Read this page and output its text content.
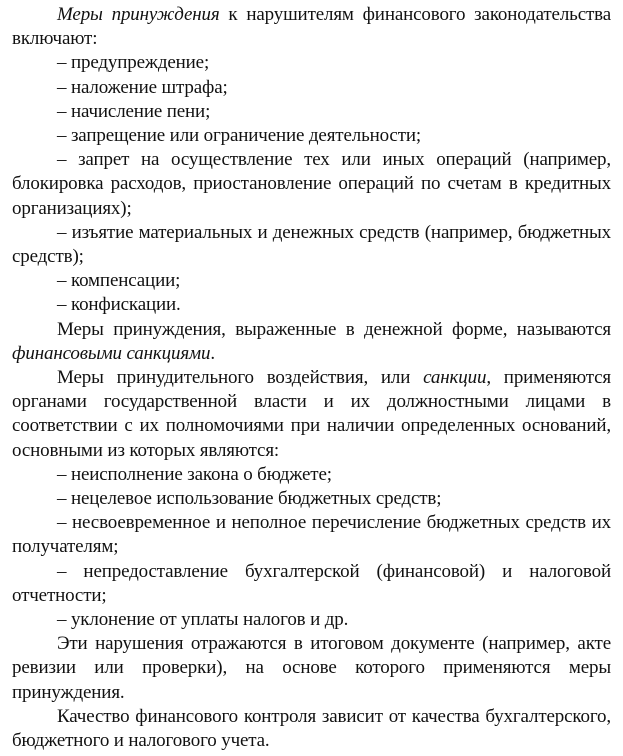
Меры принуждения к нарушителям финансового законодательства включают:

– предупреждение;

– наложение штрафа;

– начисление пени;

– запрещение или ограничение деятельности;

– запрет на осуществление тех или иных операций (например, блокировка расходов, приостановление операций по счетам в кредитных организациях);

– изъятие материальных и денежных средств (например, бюджетных средств);

– компенсации;

– конфискации.

Меры принуждения, выраженные в денежной форме, называются финансовыми санкциями.

Меры принудительного воздействия, или санкции, применяются органами государственной власти и их должностными лицами в соответствии с их полномочиями при наличии определенных оснований, основными из которых являются:

– неисполнение закона о бюджете;

– нецелевое использование бюджетных средств;

– несвоевременное и неполное перечисление бюджетных средств их получателям;

– непредоставление бухгалтерской (финансовой) и налоговой отчетности;

– уклонение от уплаты налогов и др.

Эти нарушения отражаются в итоговом документе (например, акте ревизии или проверки), на основе которого применяются меры принуждения.

Качество финансового контроля зависит от качества бухгалтерского, бюджетного и налогового учета.
